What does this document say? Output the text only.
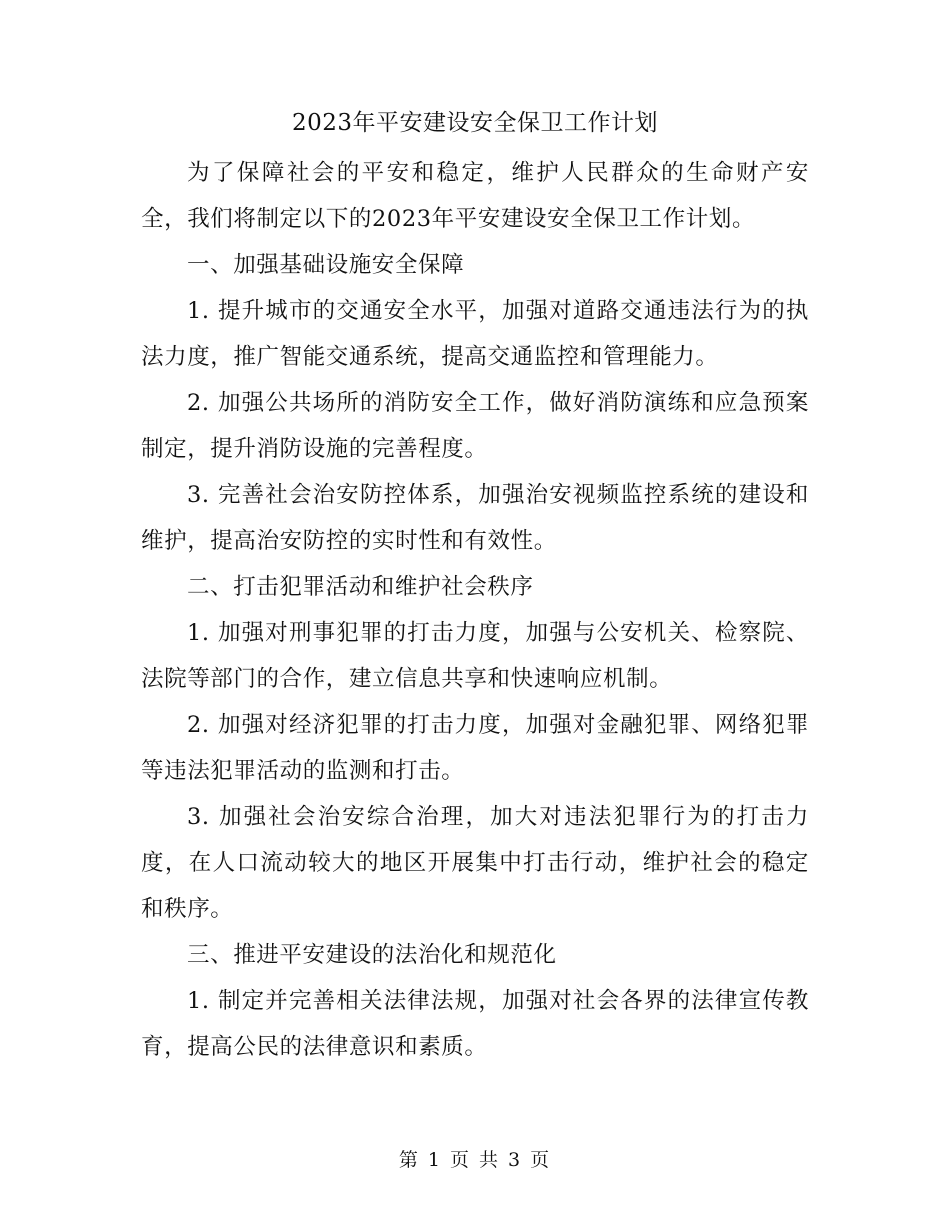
2023年平安建设安全保卫工作计划

为了保障社会的平安和稳定，维护人民群众的生命财产安全，我们将制定以下的2023年平安建设安全保卫工作计划。

一、加强基础设施安全保障

1. 提升城市的交通安全水平，加强对道路交通违法行为的执法力度，推广智能交通系统，提高交通监控和管理能力。

2. 加强公共场所的消防安全工作，做好消防演练和应急预案制定，提升消防设施的完善程度。

3. 完善社会治安防控体系，加强治安视频监控系统的建设和维护，提高治安防控的实时性和有效性。

二、打击犯罪活动和维护社会秩序

1. 加强对刑事犯罪的打击力度，加强与公安机关、检察院、法院等部门的合作，建立信息共享和快速响应机制。

2. 加强对经济犯罪的打击力度，加强对金融犯罪、网络犯罪等违法犯罪活动的监测和打击。

3. 加强社会治安综合治理，加大对违法犯罪行为的打击力度，在人口流动较大的地区开展集中打击行动，维护社会的稳定和秩序。

三、推进平安建设的法治化和规范化

1. 制定并完善相关法律法规，加强对社会各界的法律宣传教育，提高公民的法律意识和素质。

第 1 页 共 3 页
